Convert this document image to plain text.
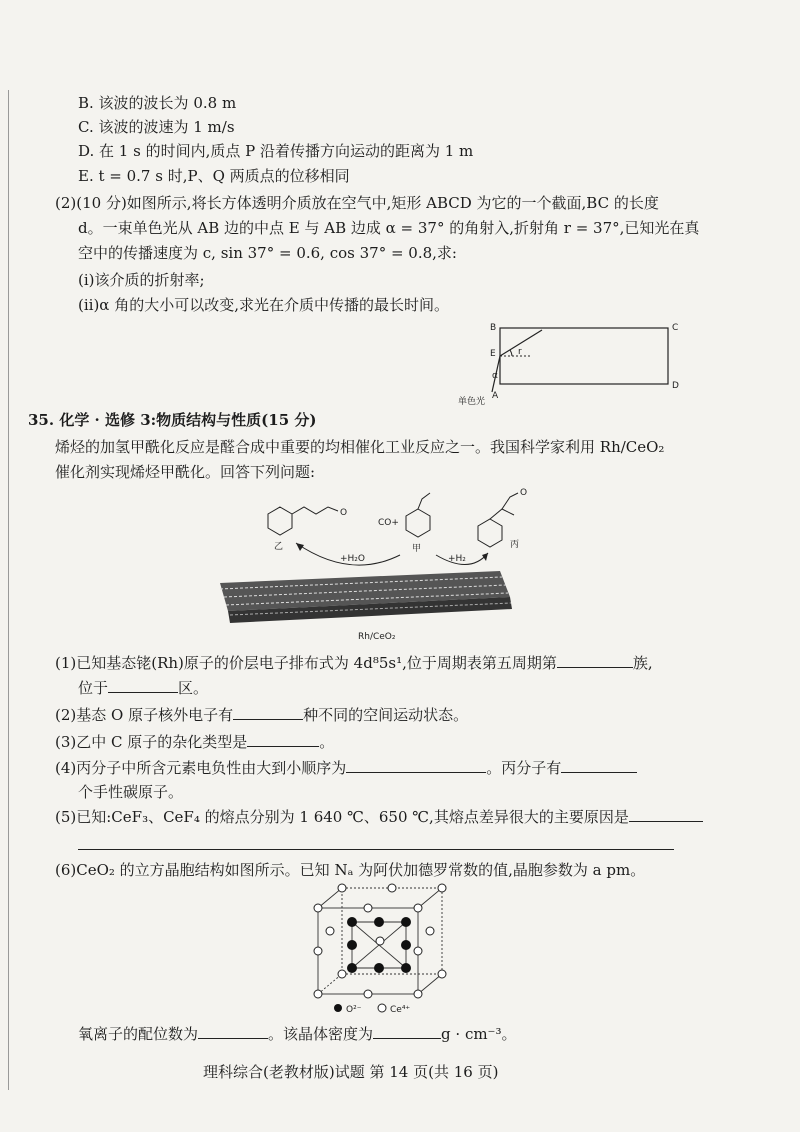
B. 该波的波长为 0.8 m
C. 该波的波速为 1 m/s
D. 在 1 s 的时间内,质点 P 沿着传播方向运动的距离为 1 m
E. t = 0.7 s 时,P、Q 两质点的位移相同
(2)(10 分)如图所示,将长方体透明介质放在空气中,矩形 ABCD 为它的一个截面,BC 的长度
d。一束单色光从 AB 边的中点 E 与 AB 边成 α = 37° 的角射入,折射角 r = 37°,已知光在真
空中的传播速度为 c, sin 37° = 0.6, cos 37° = 0.8,求:
(ⅰ)该介质的折射率;
(ⅱ)α 角的大小可以改变,求光在介质中传播的最长时间。
B	C
D
E
A
r
α
单色光
35. 化学 · 选修 3:物质结构与性质(15 分)
烯烃的加氢甲酰化反应是醛合成中重要的均相催化工业反应之一。我国科学家利用 Rh/CeO₂
催化剂实现烯烃甲酰化。回答下列问题:
O
乙
CO+
甲
O
丙
+H₂O	+H₂
Rh/CeO₂
(1)已知基态铑(Rh)原子的价层电子排布式为 4d⁸5s¹,位于周期表第五周期第	族,
位于	区。
(2)基态 O 原子核外电子有	种不同的空间运动状态。
(3)乙中 C 原子的杂化类型是	。
(4)丙分子中所含元素电负性由大到小顺序为	。丙分子有
个手性碳原子。
(5)已知:CeF₃、CeF₄ 的熔点分别为 1 640 ℃、650 ℃,其熔点差异很大的主要原因是
(6)CeO₂ 的立方晶胞结构如图所示。已知 Nₐ 为阿伏加德罗常数的值,晶胞参数为 a pm。
O²⁻	Ce⁴⁺
氧离子的配位数为	。该晶体密度为	g · cm⁻³。
理科综合(老教材版)试题 第 14 页(共 16 页)
